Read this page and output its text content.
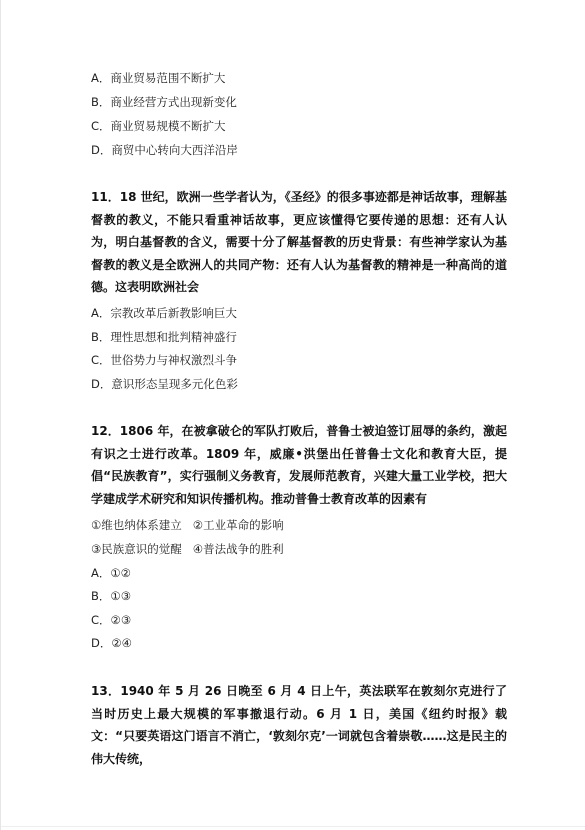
A．商业贸易范围不断扩大
B．商业经营方式出现新变化
C．商业贸易规模不断扩大
D．商贸中心转向大西洋沿岸
11．18 世纪，欧洲一些学者认为，《圣经》的很多事迹都是神话故事，理解基督教的教义，不能只看重神话故事，更应该懂得它要传递的思想：还有人认为，明白基督教的含义，需要十分了解基督教的历史背景：有些神学家认为基督教的教义是全欧洲人的共同产物：还有人认为基督教的精神是一种高尚的道德。这表明欧洲社会
A．宗教改革后新教影响巨大
B．理性思想和批判精神盛行
C．世俗势力与神权激烈斗争
D．意识形态呈现多元化色彩
12．1806 年，在被拿破仑的军队打败后，普鲁士被迫签订屈辱的条约，激起有识之士进行改革。1809 年，威廉•洪堡出任普鲁士文化和教育大臣，提倡“民族教育”，实行强制义务教育，发展师范教育，兴建大量工业学校，把大学建成学术研究和知识传播机构。推动普鲁士教育改革的因素有
①维也纳体系建立   ②工业革命的影响
③民族意识的觉醒   ④普法战争的胜利
A．①②
B．①③
C．②③
D．②④
13．1940 年 5 月 26 日晚至 6 月 4 日上午，英法联军在敦刻尔克进行了当时历史上最大规模的军事撤退行动。6 月 1 日，美国《纽约时报》载文：“只要英语这门语言不消亡，‘敦刻尔克’一词就包含着崇敬……这是民主的伟大传统，
